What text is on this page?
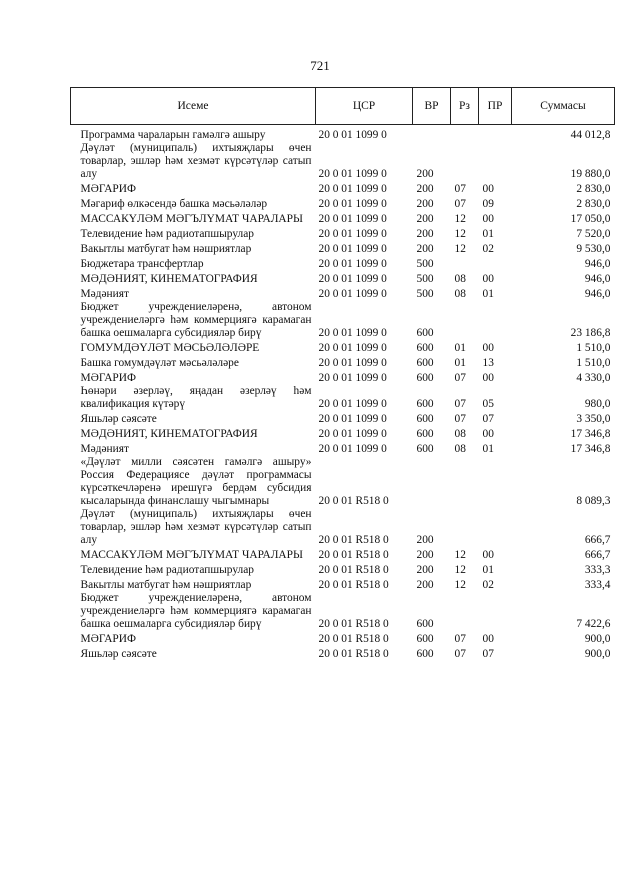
721
Исеме	ЦСР	ВР	Рз	ПР	Суммасы
Программа чараларын гамәлгә ашыру	20 0 01 1099 0				44 012,8
Дәүләт (муниципаль) ихтыяҗлары өчен товарлар, эшләр һәм хезмәт күрсәтүләр сатып алу	20 0 01 1099 0	200			19 880,0
МӘГАРИФ	20 0 01 1099 0	200	07	00	2 830,0
Мәгариф өлкәсендә башка мәсьәләләр	20 0 01 1099 0	200	07	09	2 830,0
МАССАКҮЛӘМ МӘГЪЛҮМАТ ЧАРАЛАРЫ	20 0 01 1099 0	200	12	00	17 050,0
Телевидение һәм радиотапшырулар	20 0 01 1099 0	200	12	01	7 520,0
Вакытлы матбугат һәм нәшриятлар	20 0 01 1099 0	200	12	02	9 530,0
Бюджетара трансфертлар	20 0 01 1099 0	500			946,0
МӘДӘНИЯТ, КИНЕМАТОГРАФИЯ	20 0 01 1099 0	500	08	00	946,0
Мәдәният	20 0 01 1099 0	500	08	01	946,0
Бюджет учреждениеләренә, автоном учреждениеләргә һәм коммерциягә карамаган башка оешмаларга субсидияләр бирү	20 0 01 1099 0	600			23 186,8
ГОМУМДӘҮЛӘТ МӘСЬӘЛӘЛӘРЕ	20 0 01 1099 0	600	01	00	1 510,0
Башка гомумдәүләт мәсьәләләре	20 0 01 1099 0	600	01	13	1 510,0
МӘГАРИФ	20 0 01 1099 0	600	07	00	4 330,0
Һөнәри әзерләү, яңадан әзерләү һәм квалификация күтәрү	20 0 01 1099 0	600	07	05	980,0
Яшьләр сәясәте	20 0 01 1099 0	600	07	07	3 350,0
МӘДӘНИЯТ, КИНЕМАТОГРАФИЯ	20 0 01 1099 0	600	08	00	17 346,8
Мәдәният	20 0 01 1099 0	600	08	01	17 346,8
«Дәүләт милли сәясәтен гамәлгә ашыру» Россия Федерациясе дәүләт программасы күрсәткечләренә ирешүгә бердәм субсидия кысаларында финанслашу чыгымнары	20 0 01 R518 0				8 089,3
Дәүләт (муниципаль) ихтыяҗлары өчен товарлар, эшләр һәм хезмәт күрсәтүләр сатып алу	20 0 01 R518 0	200			666,7
МАССАКҮЛӘМ МӘГЪЛҮМАТ ЧАРАЛАРЫ	20 0 01 R518 0	200	12	00	666,7
Телевидение һәм радиотапшырулар	20 0 01 R518 0	200	12	01	333,3
Вакытлы матбугат һәм нәшриятлар	20 0 01 R518 0	200	12	02	333,4
Бюджет учреждениеләренә, автоном учреждениеләргә һәм коммерциягә карамаган башка оешмаларга субсидияләр бирү	20 0 01 R518 0	600			7 422,6
МӘГАРИФ	20 0 01 R518 0	600	07	00	900,0
Яшьләр сәясәте	20 0 01 R518 0	600	07	07	900,0
